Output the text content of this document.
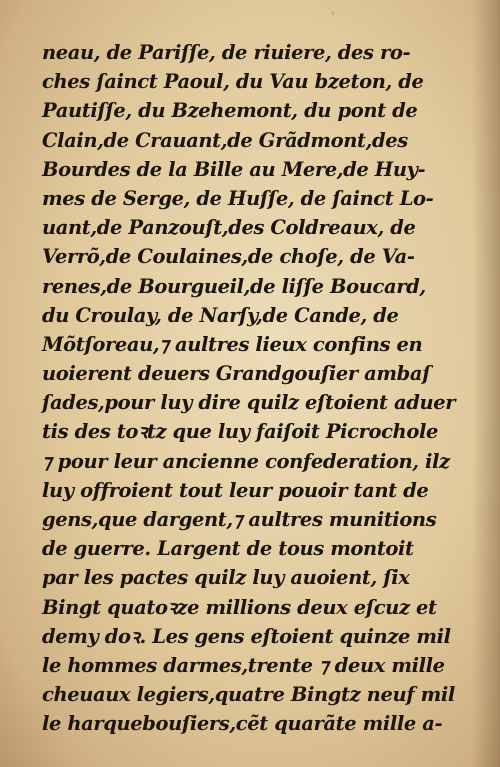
◦
neau, de Pariſſe, de riuiere, des ro-
ches ſainct Paoul, du Vau bzeton, de
Pautiſſe, du Bzehemont, du pont de
Clain,de Crauant,de Grãdmont,des
Bourdes de la Bille au Mere,de Huy-
mes de Serge, de Huſſe, de ſainct Lo-
uant,de Panzouſt,des Coldreaux, de
Verrõ,de Coulaines,de choſe, de Va-
renes,de Bourgueil,de liſſe Boucard,
du Croulay, de Narſy,de Cande, de
Mõtſoreau,⁊ aultres lieux confins en
uoierent deuers Grandgouſier ambaſ
ſades,pour luy dire quilz eſtoient aduer
tis des toꝛtz que luy faiſoit Picrochole
⁊ pour leur ancienne confederation, ilz
luy offroient tout leur pouoir tant de
gens,que dargent,⁊ aultres munitions
de guerre. Largent de tous montoit
par les pactes quilz luy auoient, ſix
Bingt quatoꝛze millions deux eſcuz et
demy doꝛ. Les gens eſtoient quinze mil
le hommes darmes,trente ⁊ deux mille
cheuaux legiers,quatre Bingtz neuf mil
le harquebouſiers,cẽt quarãte mille a-
